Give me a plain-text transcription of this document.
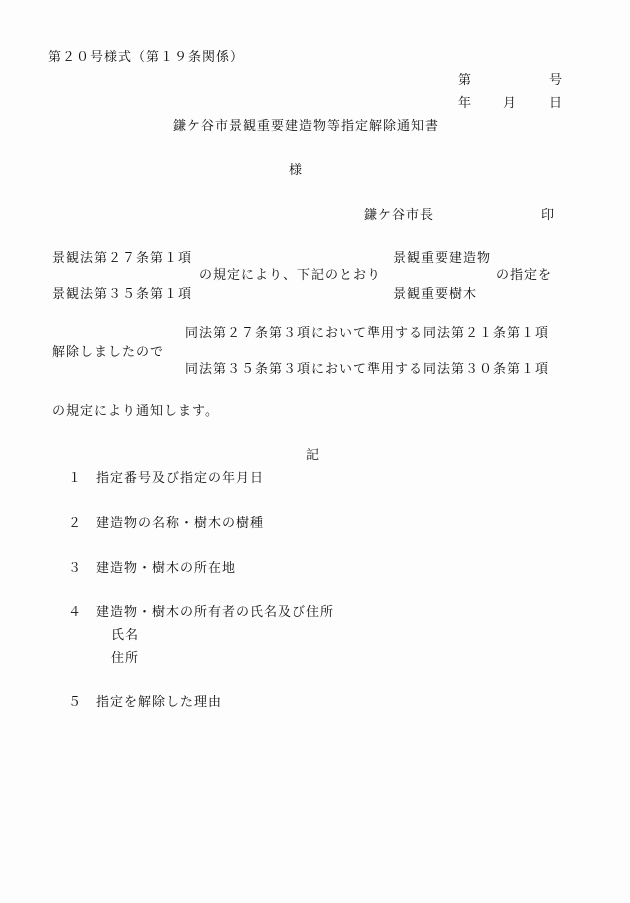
第２０号様式（第１９条関係）
第	号
年 月 日
鎌ケ谷市景観重要建造物等指定解除通知書
様
鎌ケ谷市長	印
景観法第２７条第１項	景観重要建造物
の規定により、下記のとおり	の指定を
景観法第３５条第１項	景観重要樹木
同法第２７条第３項において準用する同法第２１条第１項
解除しましたので
同法第３５条第３項において準用する同法第３０条第１項
の規定により通知します。
記
１ 指定番号及び指定の年月日
２ 建造物の名称・樹木の樹種
３ 建造物・樹木の所在地
４ 建造物・樹木の所有者の氏名及び住所
氏名
住所
５ 指定を解除した理由
